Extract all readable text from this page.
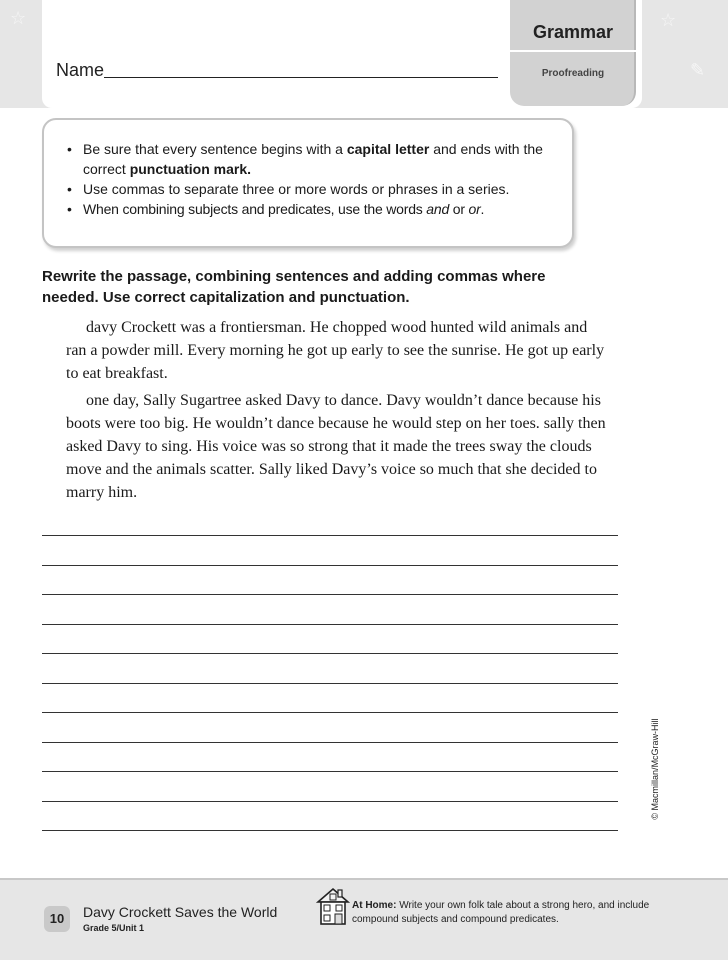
☆	☆
✎
Grammar
Proofreading
Name
• Be sure that every sentence begins with a capital letter and ends with the correct punctuation mark.
• Use commas to separate three or more words or phrases in a series.
• When combining subjects and predicates, use the words and or or.
Rewrite the passage, combining sentences and adding commas where needed. Use correct capitalization and punctuation.

davy Crockett was a frontiersman. He chopped wood hunted wild animals and ran a powder mill. Every morning he got up early to see the sunrise. He got up early to eat breakfast.

one day, Sally Sugartree asked Davy to dance. Davy wouldn’t dance because his boots were too big. He wouldn’t dance because he would step on her toes. sally then asked Davy to sing. His voice was so strong that it made the trees sway the clouds move and the animals scatter. Sally liked Davy’s voice so much that she decided to marry him.

© Macmillan/McGraw-Hill
10	Davy Crockett Saves the World
Grade 5/Unit 1
At Home: Write your own folk tale about a strong hero, and include compound subjects and compound predicates.
